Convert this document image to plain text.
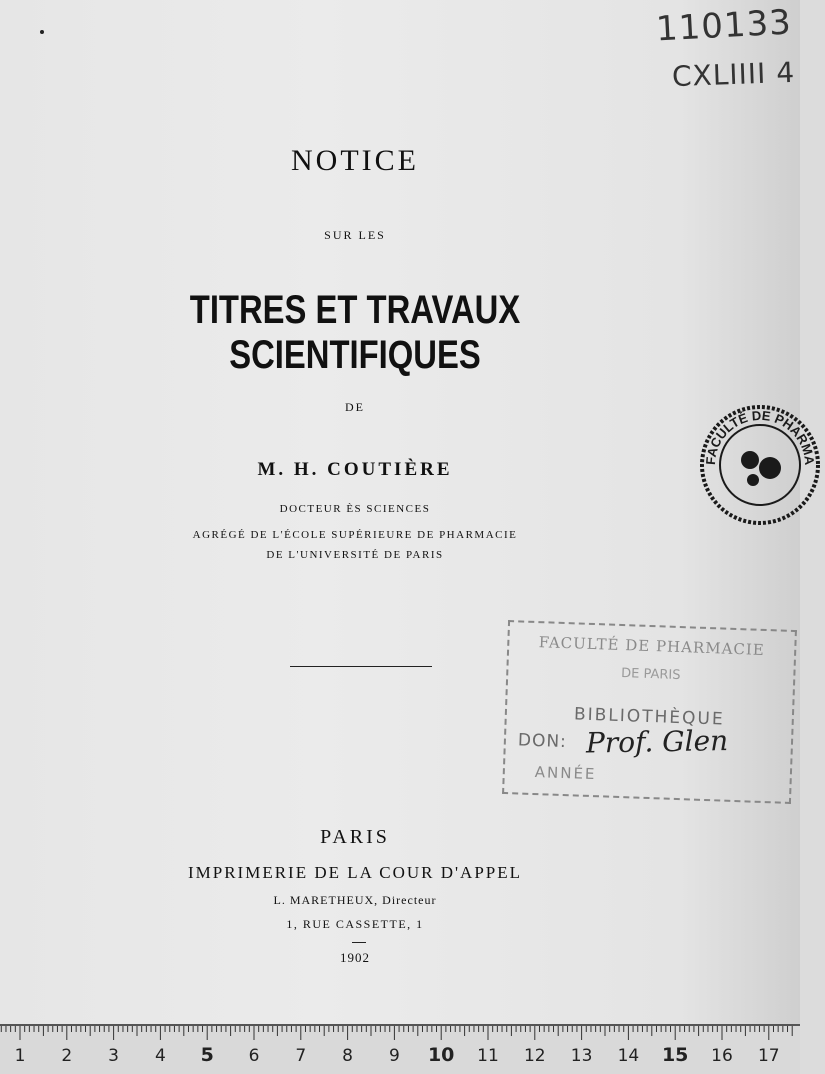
110133
CXLIIII 4
NOTICE
SUR LES
TITRES ET TRAVAUX SCIENTIFIQUES
DE
M. H. COUTIÈRE
DOCTEUR ÈS SCIENCES
AGRÉGÉ DE L'ÉCOLE SUPÉRIEURE DE PHARMACIE
DE L'UNIVERSITÉ DE PARIS
PARIS
IMPRIMERIE DE LA COUR D'APPEL
L. MARETHEUX, Directeur
1, RUE CASSETTE, 1
1902
FACULTÉ DE PHARMA
FACULTÉ DE PHARMACIE
DE PARIS
BIBLIOTHÈQUE
DON: Prof. Glen
ANNÉE
1 2 3 4 5 6 7 8 9 10 11 12 13 14 15 16 17
